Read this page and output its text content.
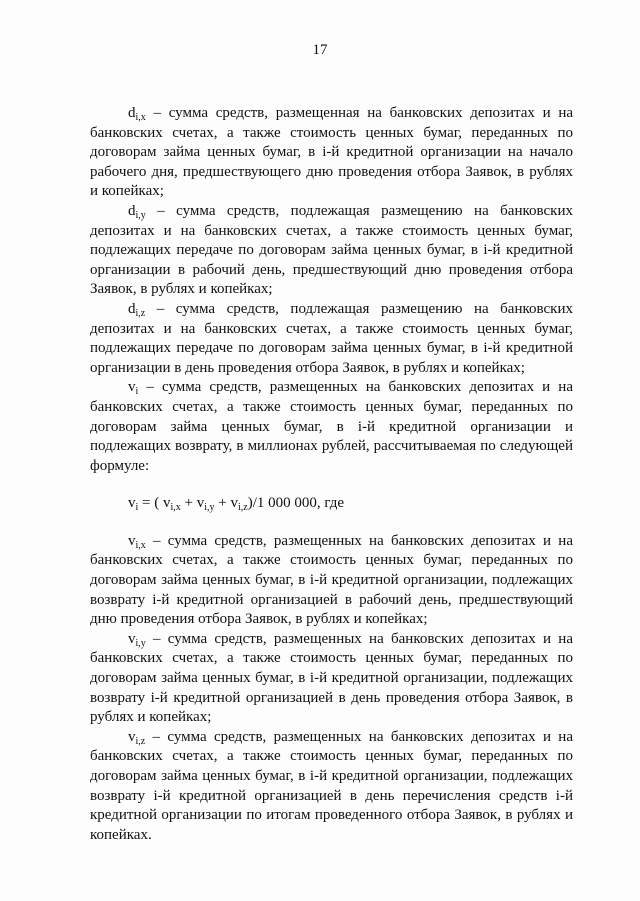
17

$d_{i,x}$ – сумма средств, размещенная на банковских депозитах и на банковских счетах, а также стоимость ценных бумаг, переданных по договорам займа ценных бумаг, в i-й кредитной организации на начало рабочего дня, предшествующего дню проведения отбора Заявок, в рублях и копейках;

$d_{i,y}$ – сумма средств, подлежащая размещению на банковских депозитах и на банковских счетах, а также стоимость ценных бумаг, подлежащих передаче по договорам займа ценных бумаг, в i-й кредитной организации в рабочий день, предшествующий дню проведения отбора Заявок, в рублях и копейках;

$d_{i,z}$ – сумма средств, подлежащая размещению на банковских депозитах и на банковских счетах, а также стоимость ценных бумаг, подлежащих передаче по договорам займа ценных бумаг, в i-й кредитной организации в день проведения отбора Заявок, в рублях и копейках;

$v_i$ – сумма средств, размещенных на банковских депозитах и на банковских счетах, а также стоимость ценных бумаг, переданных по договорам займа ценных бумаг, в i-й кредитной организации и подлежащих возврату, в миллионах рублей, рассчитываемая по следующей формуле:

$v_i$ = ( $v_{i,x} + v_{i,y} + v_{i,z})/1$ 000 000, где

$v_{i,x}$ – сумма средств, размещенных на банковских депозитах и на банковских счетах, а также стоимость ценных бумаг, переданных по договорам займа ценных бумаг, в i-й кредитной организации, подлежащих возврату i-й кредитной организацией в рабочий день, предшествующий дню проведения отбора Заявок, в рублях и копейках;

$v_{i,y}$ – сумма средств, размещенных на банковских депозитах и на банковских счетах, а также стоимость ценных бумаг, переданных по договорам займа ценных бумаг, в i-й кредитной организации, подлежащих возврату i-й кредитной организацией в день проведения отбора Заявок, в рублях и копейках;

$v_{i,z}$ – сумма средств, размещенных на банковских депозитах и на банковских счетах, а также стоимость ценных бумаг, переданных по договорам займа ценных бумаг, в i-й кредитной организации, подлежащих возврату i-й кредитной организацией в день перечисления средств i-й кредитной организации по итогам проведенного отбора Заявок, в рублях и копейках.
